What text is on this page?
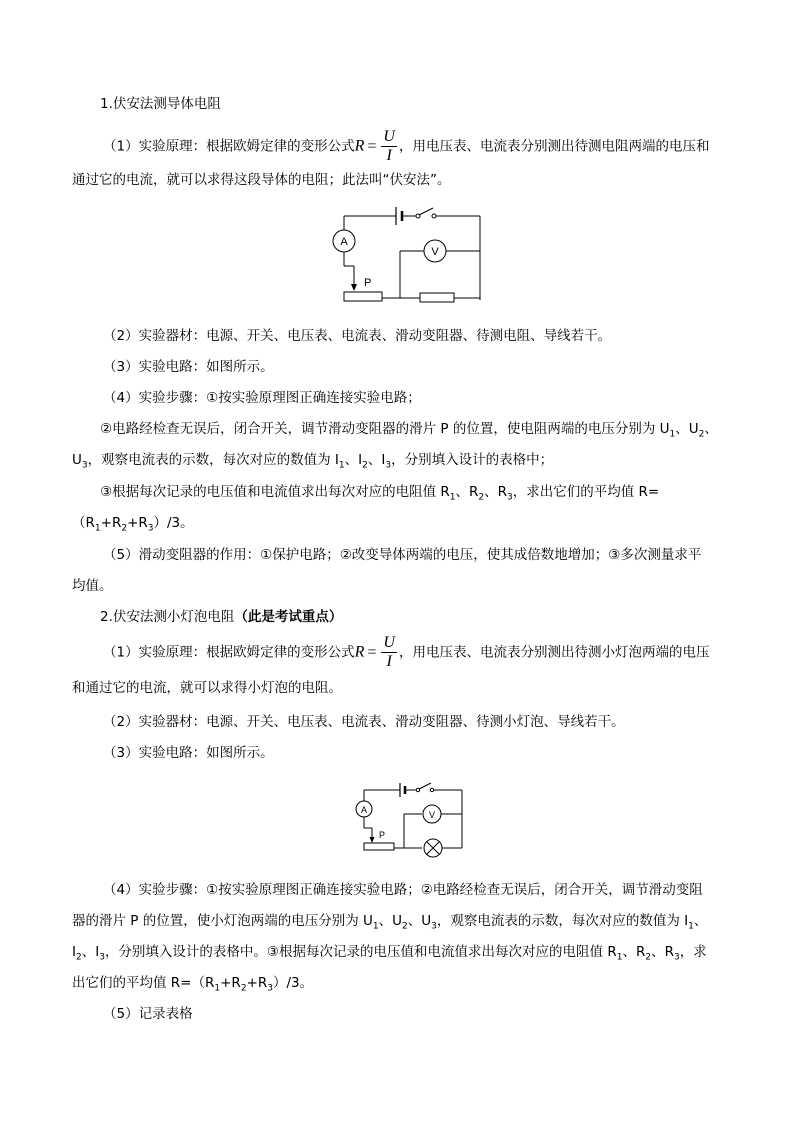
1.伏安法测导体电阻
（1）实验原理：根据欧姆定律的变形公式$R = \frac{U}{I}$ ，用电压表、电流表分别测出待测电阻两端的电压和
通过它的电流，就可以求得这段导体的电阻；此法叫“伏安法”。
A
V
P
（2）实验器材：电源、开关、电压表、电流表、滑动变阻器、待测电阻、导线若干。
（3）实验电路：如图所示。
（4）实验步骤：①按实验原理图正确连接实验电路；
②电路经检查无误后，闭合开关，调节滑动变阻器的滑片 P 的位置，使电阻两端的电压分别为 $U_1$、$U_2$、
$U_3$，观察电流表的示数，每次对应的数值为 $I_1$、$I_2$、$I_3$，分别填入设计的表格中；
③根据每次记录的电压值和电流值求出每次对应的电阻值 $R_1$、$R_2$、$R_3$，求出它们的平均值 R=
$(R_1+R_2+R_3)/3$。
（5）滑动变阻器的作用：①保护电路；②改变导体两端的电压，使其成倍数地增加；③多次测量求平
均值。
2.伏安法测小灯泡电阻（此是考试重点）
（1）实验原理：根据欧姆定律的变形公式$R = \frac{U}{I}$ ，用电压表、电流表分别测出待测小灯泡两端的电压
和通过它的电流，就可以求得小灯泡的电阻。
（2）实验器材：电源、开关、电压表、电流表、滑动变阻器、待测小灯泡、导线若干。
（3）实验电路：如图所示。
A	V
P
（4）实验步骤：①按实验原理图正确连接实验电路；②电路经检查无误后，闭合开关，调节滑动变阻
器的滑片 P 的位置，使小灯泡两端的电压分别为 $U_1$、$U_2$、$U_3$，观察电流表的示数，每次对应的数值为 $I_1$、
$I_2$、$I_3$，分别填入设计的表格中。③根据每次记录的电压值和电流值求出每次对应的电阻值 $R_1$、$R_2$、$R_3$，求
出它们的平均值 $R=(R_1+R_2+R_3)/3$。
（5）记录表格
